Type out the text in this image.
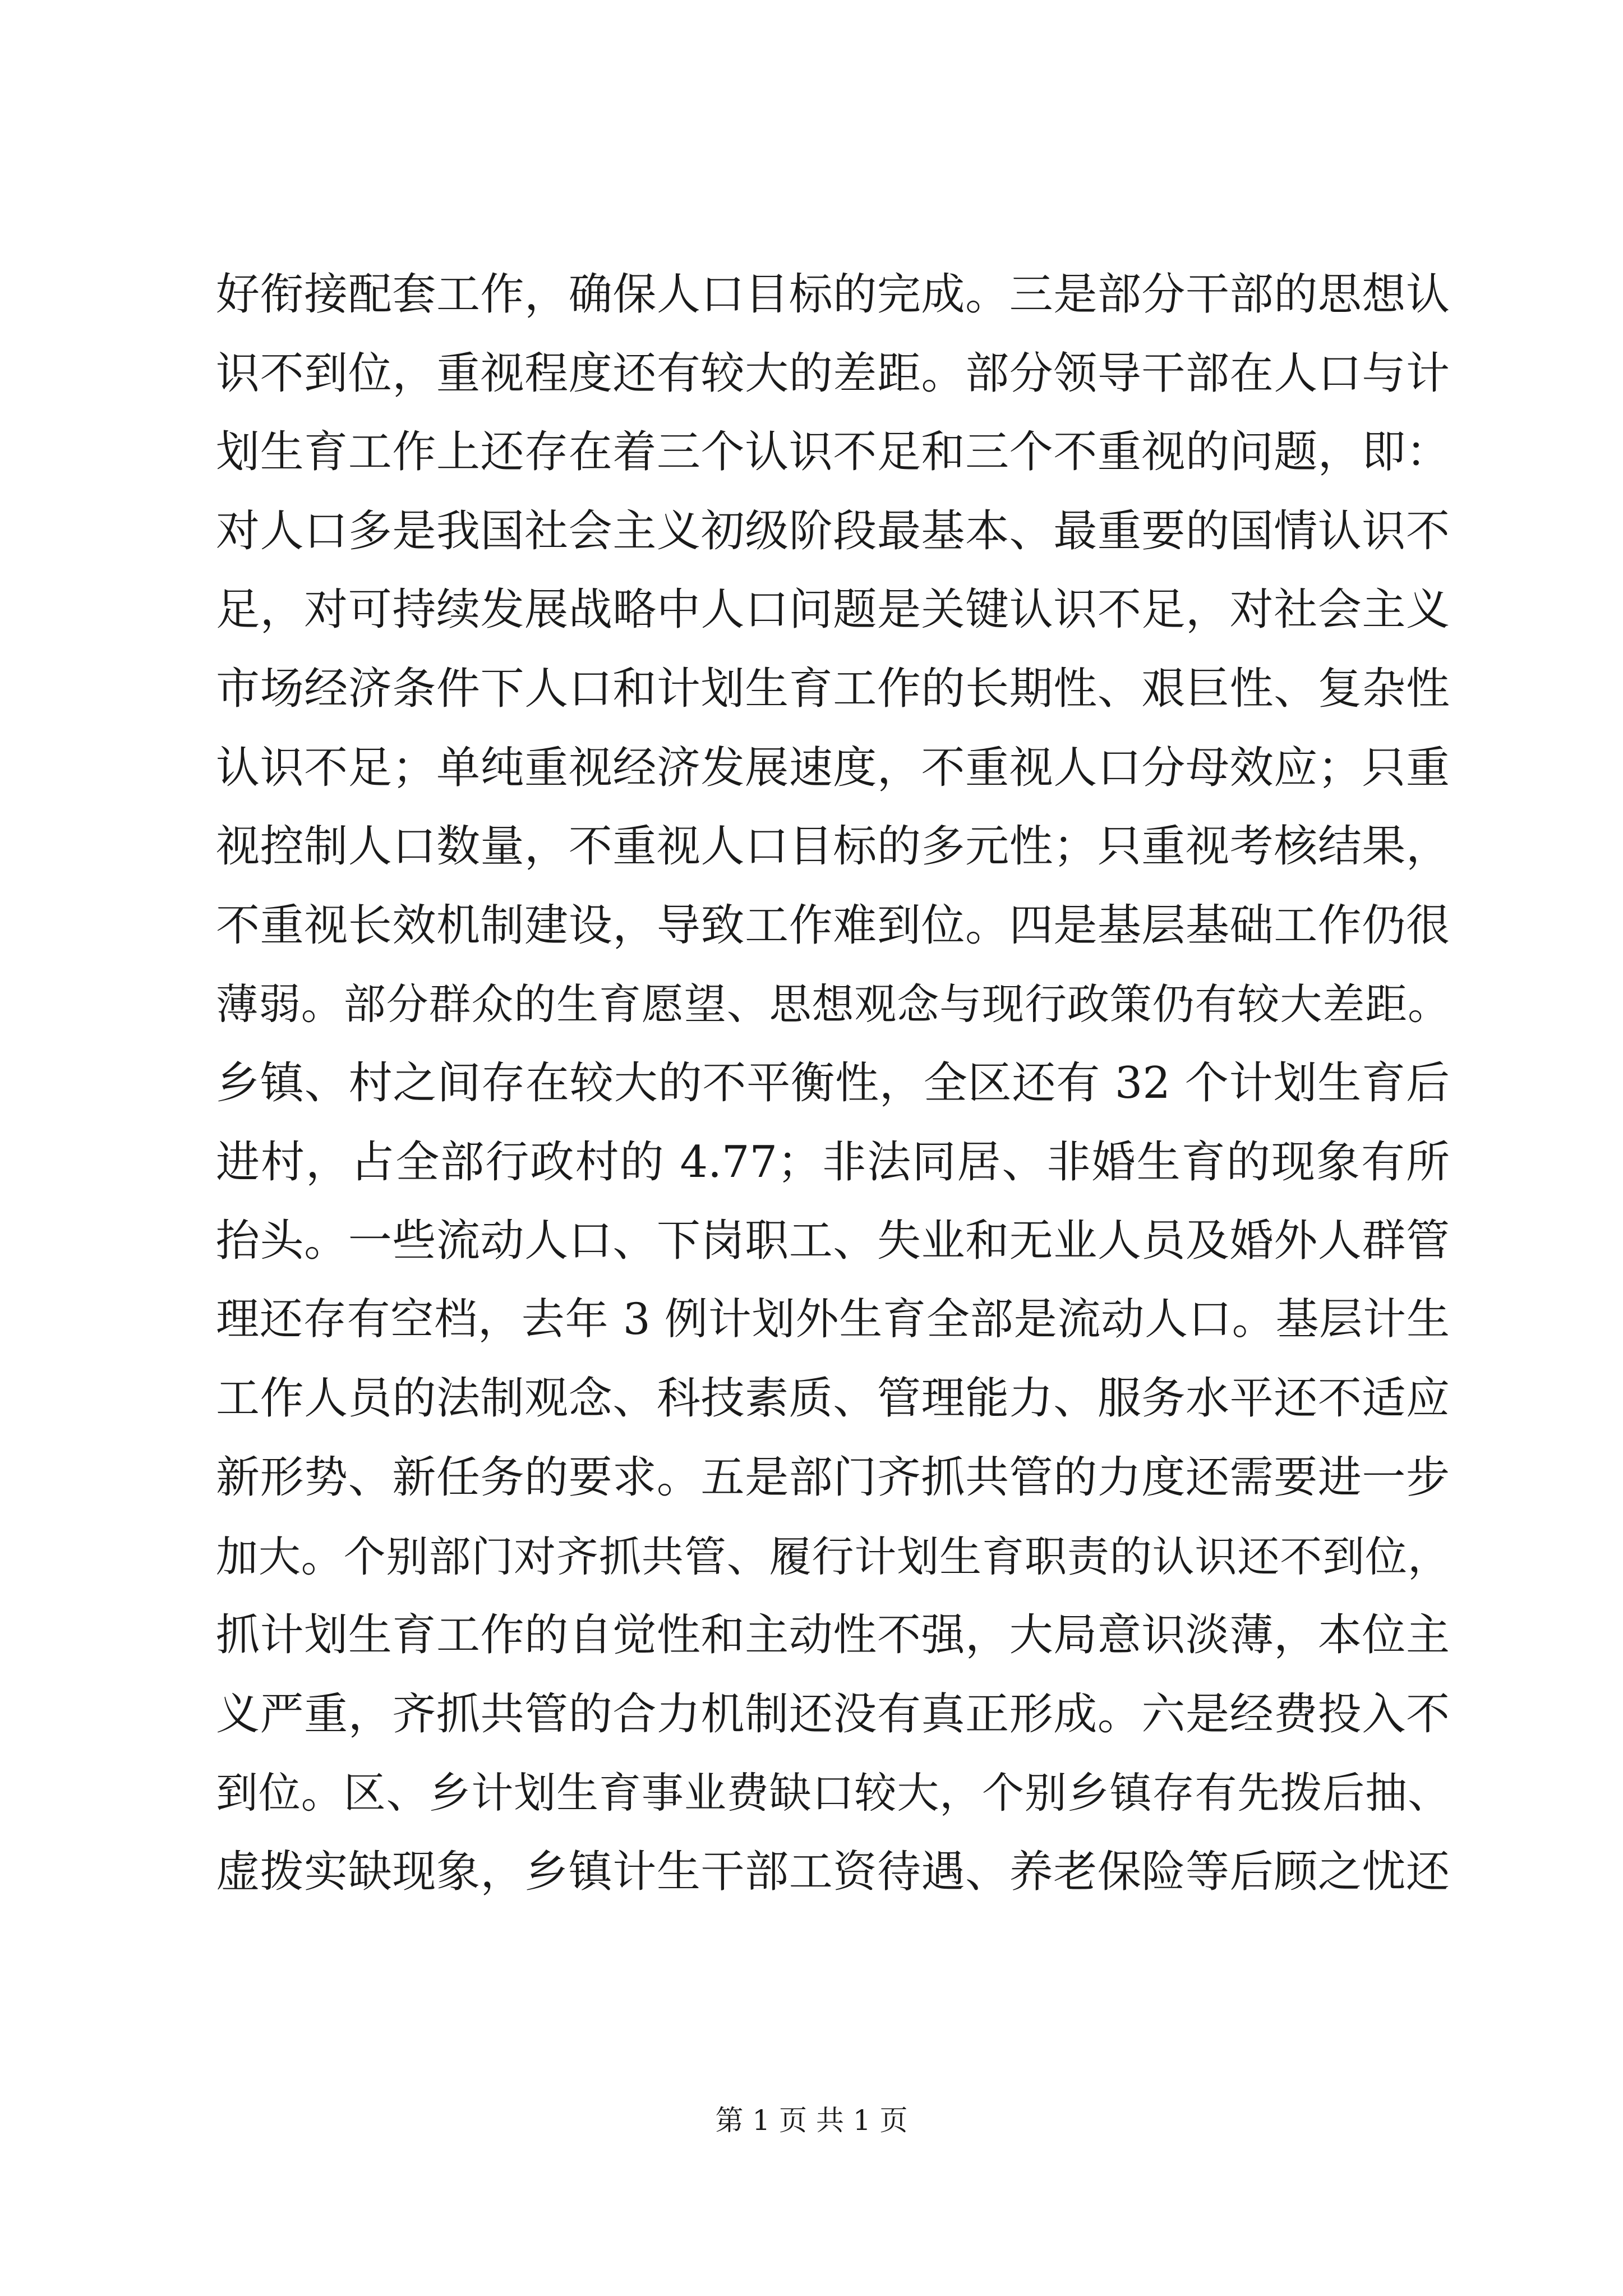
好衔接配套工作，确保人口目标的完成。三是部分干部的思想认
识不到位，重视程度还有较大的差距。部分领导干部在人口与计
划生育工作上还存在着三个认识不足和三个不重视的问题，即：
对人口多是我国社会主义初级阶段最基本、最重要的国情认识不
足，对可持续发展战略中人口问题是关键认识不足，对社会主义
市场经济条件下人口和计划生育工作的长期性、艰巨性、复杂性
认识不足；单纯重视经济发展速度，不重视人口分母效应；只重
视控制人口数量，不重视人口目标的多元性；只重视考核结果，
不重视长效机制建设，导致工作难到位。四是基层基础工作仍很
薄弱。部分群众的生育愿望、思想观念与现行政策仍有较大差距。
乡镇、村之间存在较大的不平衡性，全区还有 32 个计划生育后
进村，占全部行政村的 4.77；非法同居、非婚生育的现象有所
抬头。一些流动人口、下岗职工、失业和无业人员及婚外人群管
理还存有空档，去年 3 例计划外生育全部是流动人口。基层计生
工作人员的法制观念、科技素质、管理能力、服务水平还不适应
新形势、新任务的要求。五是部门齐抓共管的力度还需要进一步
加大。个别部门对齐抓共管、履行计划生育职责的认识还不到位，
抓计划生育工作的自觉性和主动性不强，大局意识淡薄，本位主
义严重，齐抓共管的合力机制还没有真正形成。六是经费投入不
到位。区、乡计划生育事业费缺口较大，个别乡镇存有先拨后抽、
虚拨实缺现象，乡镇计生干部工资待遇、养老保险等后顾之忧还
第 1 页 共 1 页
